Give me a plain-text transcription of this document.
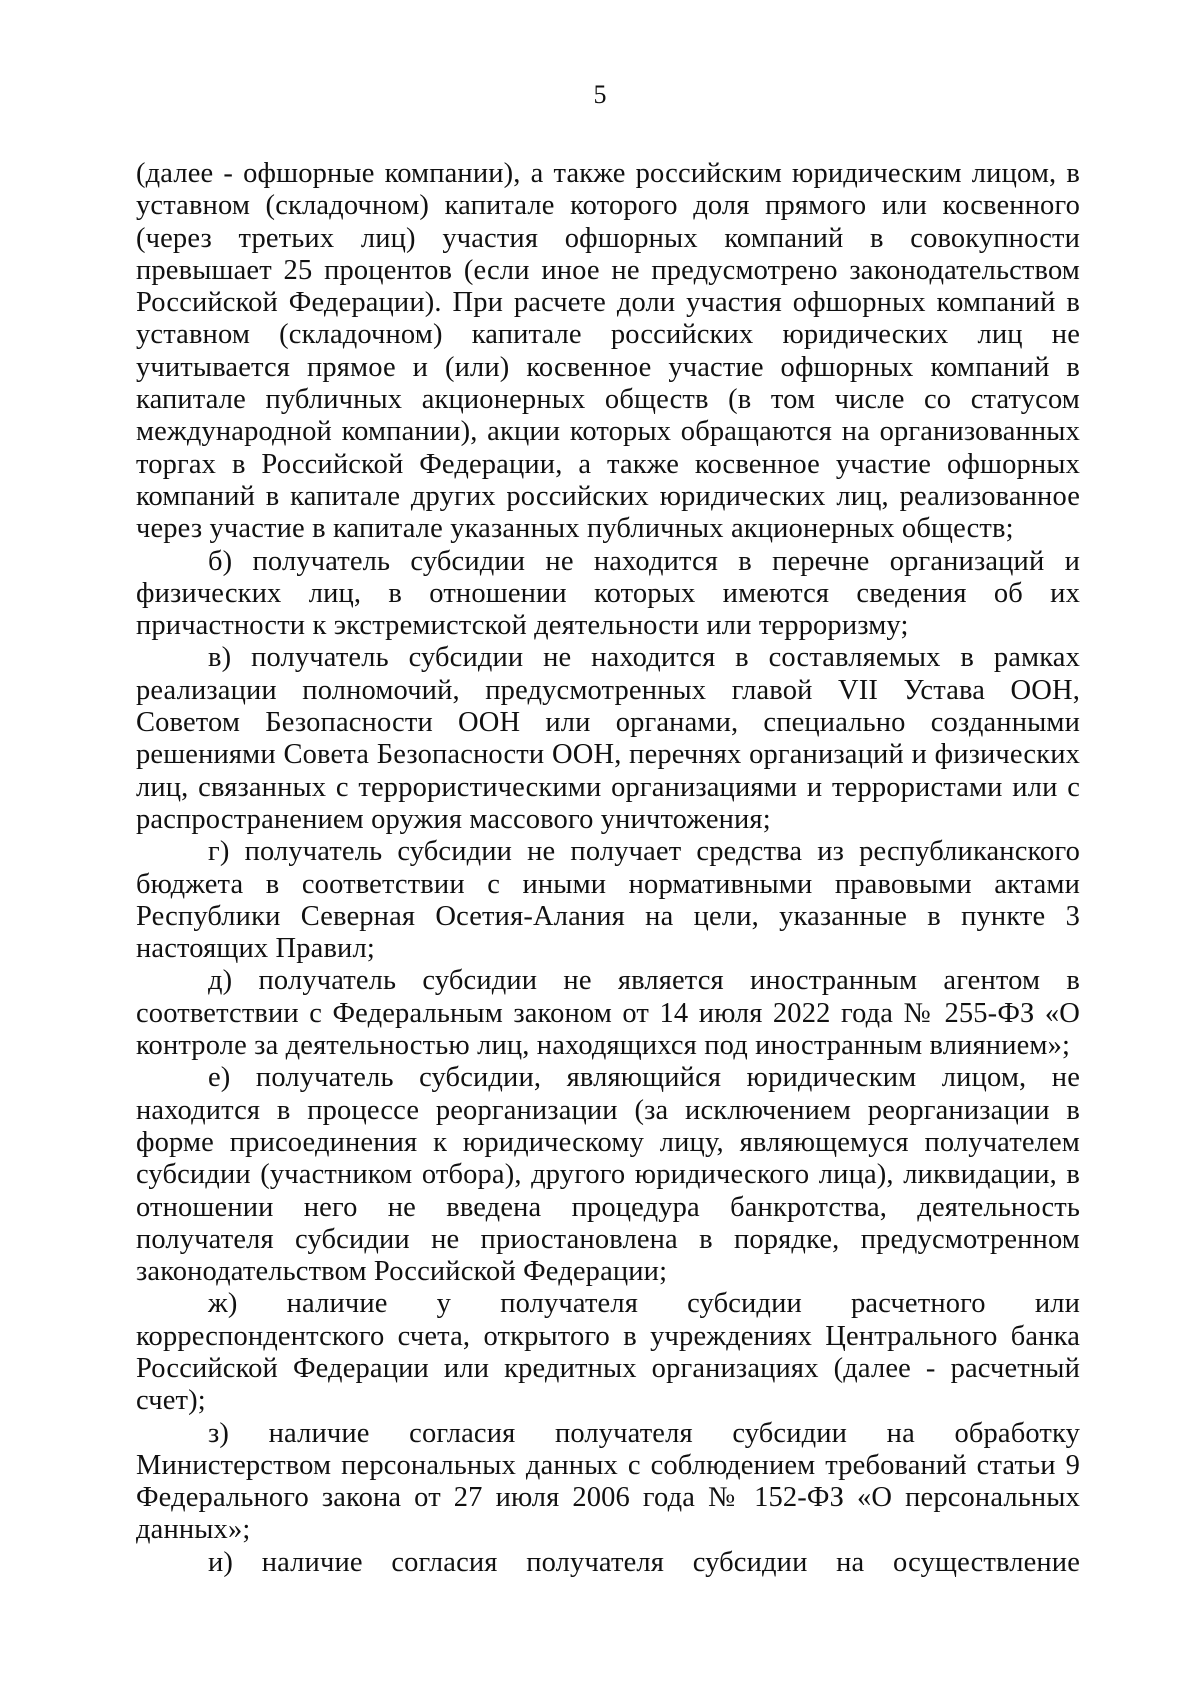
5

(далее - офшорные компании), а также российским юридическим лицом, в уставном (складочном) капитале которого доля прямого или косвенного (через третьих лиц) участия офшорных компаний в совокупности превышает 25 процентов (если иное не предусмотрено законодательством Российской Федерации). При расчете доли участия офшорных компаний в уставном (складочном) капитале российских юридических лиц не учитывается прямое и (или) косвенное участие офшорных компаний в капитале публичных акционерных обществ (в том числе со статусом международной компании), акции которых обращаются на организованных торгах в Российской Федерации, а также косвенное участие офшорных компаний в капитале других российских юридических лиц, реализованное через участие в капитале указанных публичных акционерных обществ;

б) получатель субсидии не находится в перечне организаций и физических лиц, в отношении которых имеются сведения об их причастности к экстремистской деятельности или терроризму;

в) получатель субсидии не находится в составляемых в рамках реализации полномочий, предусмотренных главой VII Устава ООН, Советом Безопасности ООН или органами, специально созданными решениями Совета Безопасности ООН, перечнях организаций и физических лиц, связанных с террористическими организациями и террористами или с распространением оружия массового уничтожения;

г) получатель субсидии не получает средства из республиканского бюджета в соответствии с иными нормативными правовыми актами Республики Северная Осетия-Алания на цели, указанные в пункте 3 настоящих Правил;

д) получатель субсидии не является иностранным агентом в соответствии с Федеральным законом от 14 июля 2022 года № 255-ФЗ «О контроле за деятельностью лиц, находящихся под иностранным влиянием»;

е) получатель субсидии, являющийся юридическим лицом, не находится в процессе реорганизации (за исключением реорганизации в форме присоединения к юридическому лицу, являющемуся получателем субсидии (участником отбора), другого юридического лица), ликвидации, в отношении него не введена процедура банкротства, деятельность получателя субсидии не приостановлена в порядке, предусмотренном законодательством Российской Федерации;

ж) наличие у получателя субсидии расчетного или корреспондентского счета, открытого в учреждениях Центрального банка Российской Федерации или кредитных организациях (далее - расчетный счет);

з) наличие согласия получателя субсидии на обработку Министерством персональных данных с соблюдением требований статьи 9 Федерального закона от 27 июля 2006 года № 152-ФЗ «О персональных данных»;

и) наличие согласия получателя субсидии на осуществление
